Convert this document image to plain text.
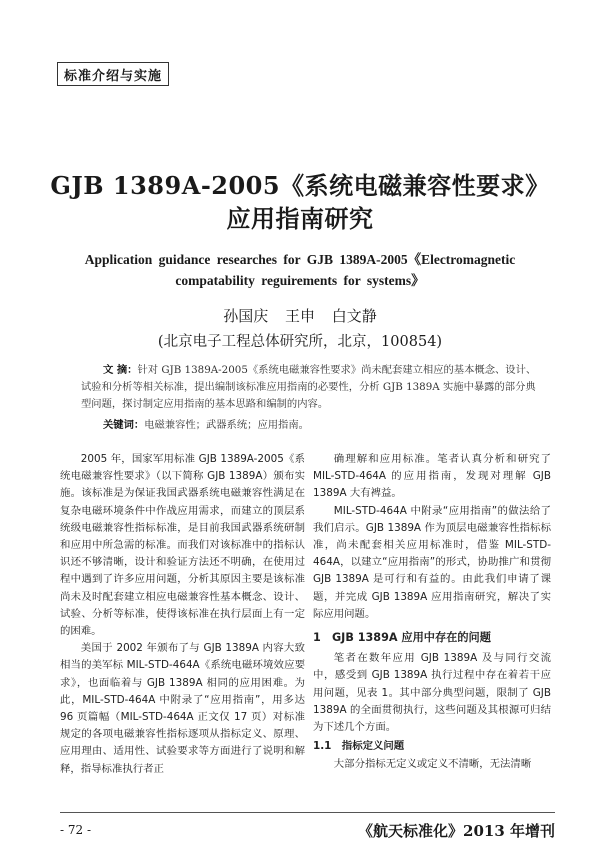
标准介绍与实施
GJB 1389A-2005《系统电磁兼容性要求》
应用指南研究
Application guidance researches for GJB 1389A-2005《Electromagnetic
compatability reguirements for systems》
孙国庆 王申 白文静
(北京电子工程总体研究所，北京，100854)
文 摘：针对 GJB 1389A-2005《系统电磁兼容性要求》尚未配套建立相应的基本概念、设计、试验和分析等相关标准，提出编制该标准应用指南的必要性，分析 GJB 1389A 实施中暴露的部分典型问题，探讨制定应用指南的基本思路和编制的内容。
关键词：电磁兼容性；武器系统；应用指南。

2005 年，国家军用标准 GJB 1389A-2005《系统电磁兼容性要求》（以下简称 GJB 1389A）颁布实施。该标准是为保证我国武器系统电磁兼容性满足在复杂电磁环境条件中作战应用需求，而建立的顶层系统级电磁兼容性指标标准，是目前我国武器系统研制和应用中所急需的标准。而我们对该标准中的指标认识还不够清晰，设计和验证方法还不明确，在使用过程中遇到了许多应用问题，分析其原因主要是该标准尚未及时配套建立相应电磁兼容性基本概念、设计、试验、分析等标准，使得该标准在执行层面上有一定的困难。

美国于 2002 年颁布了与 GJB 1389A 内容大致相当的美军标 MIL-STD-464A《系统电磁环境效应要求》，也面临着与 GJB 1389A 相同的应用困难。为此，MIL-STD-464A 中附录了“应用指南”，用多达 96 页篇幅（MIL-STD-464A 正文仅 17 页）对标准规定的各项电磁兼容性指标逐项从指标定义、原理、应用理由、适用性、试验要求等方面进行了说明和解释，指导标准执行者正

确理解和应用标准。笔者认真分析和研究了 MIL-STD-464A 的应用指南，发现对理解 GJB 1389A 大有裨益。

MIL-STD-464A 中附录“应用指南”的做法给了我们启示。GJB 1389A 作为顶层电磁兼容性指标标准，尚未配套相关应用标准时，借鉴 MIL-STD-464A，以建立“应用指南”的形式，协助推广和贯彻 GJB 1389A 是可行和有益的。由此我们申请了课题，并完成 GJB 1389A 应用指南研究，解决了实际应用问题。

1　GJB 1389A 应用中存在的问题

笔者在数年应用 GJB 1389A 及与同行交流中，感受到 GJB 1389A 执行过程中存在着若干应用问题，见表 1。其中部分典型问题，限制了 GJB 1389A 的全面贯彻执行，这些问题及其根源可归结为下述几个方面。

1.1　指标定义问题

大部分指标无定义或定义不清晰，无法清晰

- 72 -	《航天标准化》2013 年增刊
